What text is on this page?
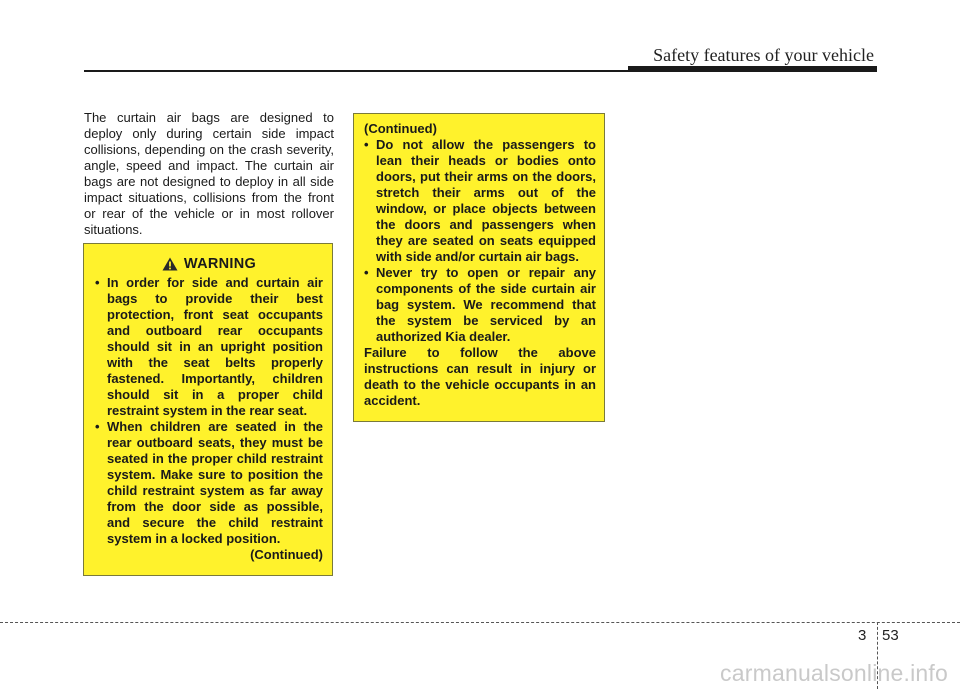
Safety features of your vehicle
The curtain air bags are designed to deploy only during certain side impact collisions, depending on the crash severity, angle, speed and impact. The curtain air bags are not designed to deploy in all side impact situations, collisions from the front or rear of the vehicle or in most rollover situations.
WARNING
• In order for side and curtain air bags to provide their best protection, front seat occupants and outboard rear occupants should sit in an upright position with the seat belts properly fastened. Importantly, children should sit in a proper child restraint system in the rear seat.
• When children are seated in the rear outboard seats, they must be seated in the proper child restraint system. Make sure to position the child restraint system as far away from the door side as possible, and secure the child restraint system in a locked position.
(Continued)
(Continued)
• Do not allow the passengers to lean their heads or bodies onto doors, put their arms on the doors, stretch their arms out of the window, or place objects between the doors and passengers when they are seated on seats equipped with side and/or curtain air bags.
• Never try to open or repair any components of the side curtain air bag system. We recommend that the system be serviced by an authorized Kia dealer.
Failure to follow the above instructions can result in injury or death to the vehicle occupants in an accident.
3 53
carmanualsonline.info
